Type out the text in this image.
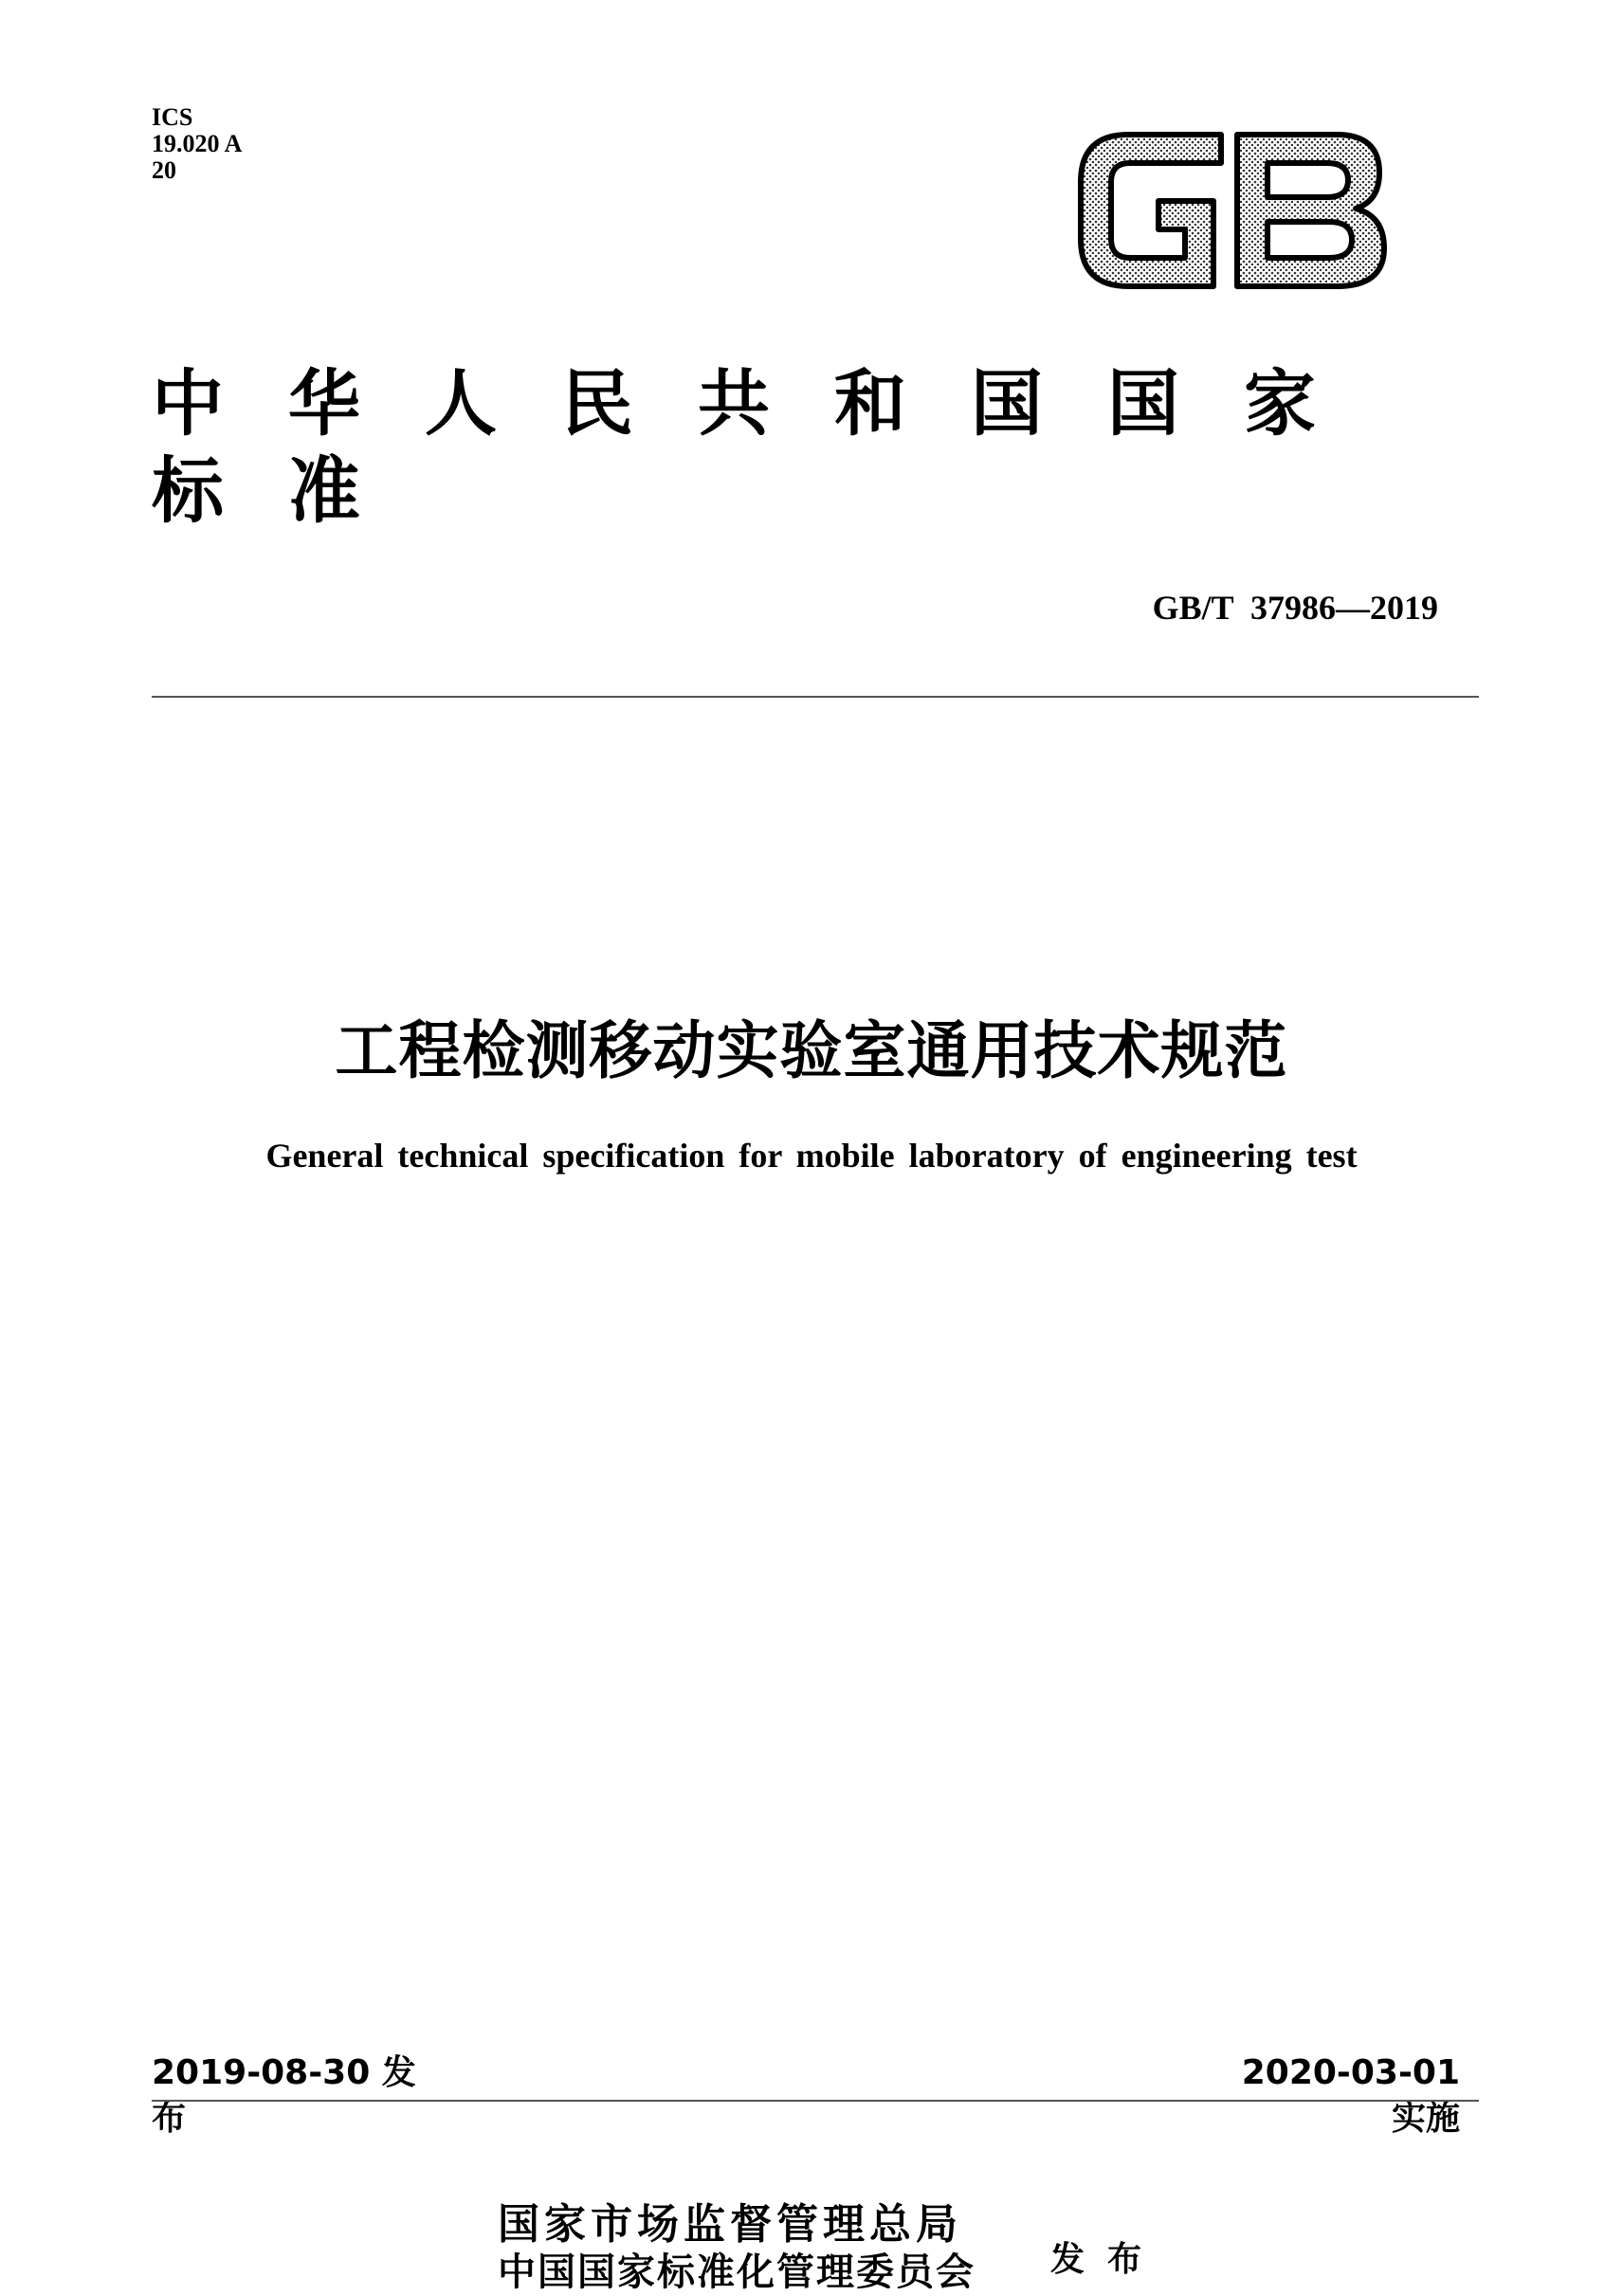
ICS
19.020 A
20
中华人民共和国国家标准
GB/T  37986—2019
工程检测移动实验室通用技术规范
General technical specification for mobile laboratory of engineering test
2019-08-30 发布
2020-03-01 实施
国家市场监督管理总局
中国国家标准化管理委员会 发布
